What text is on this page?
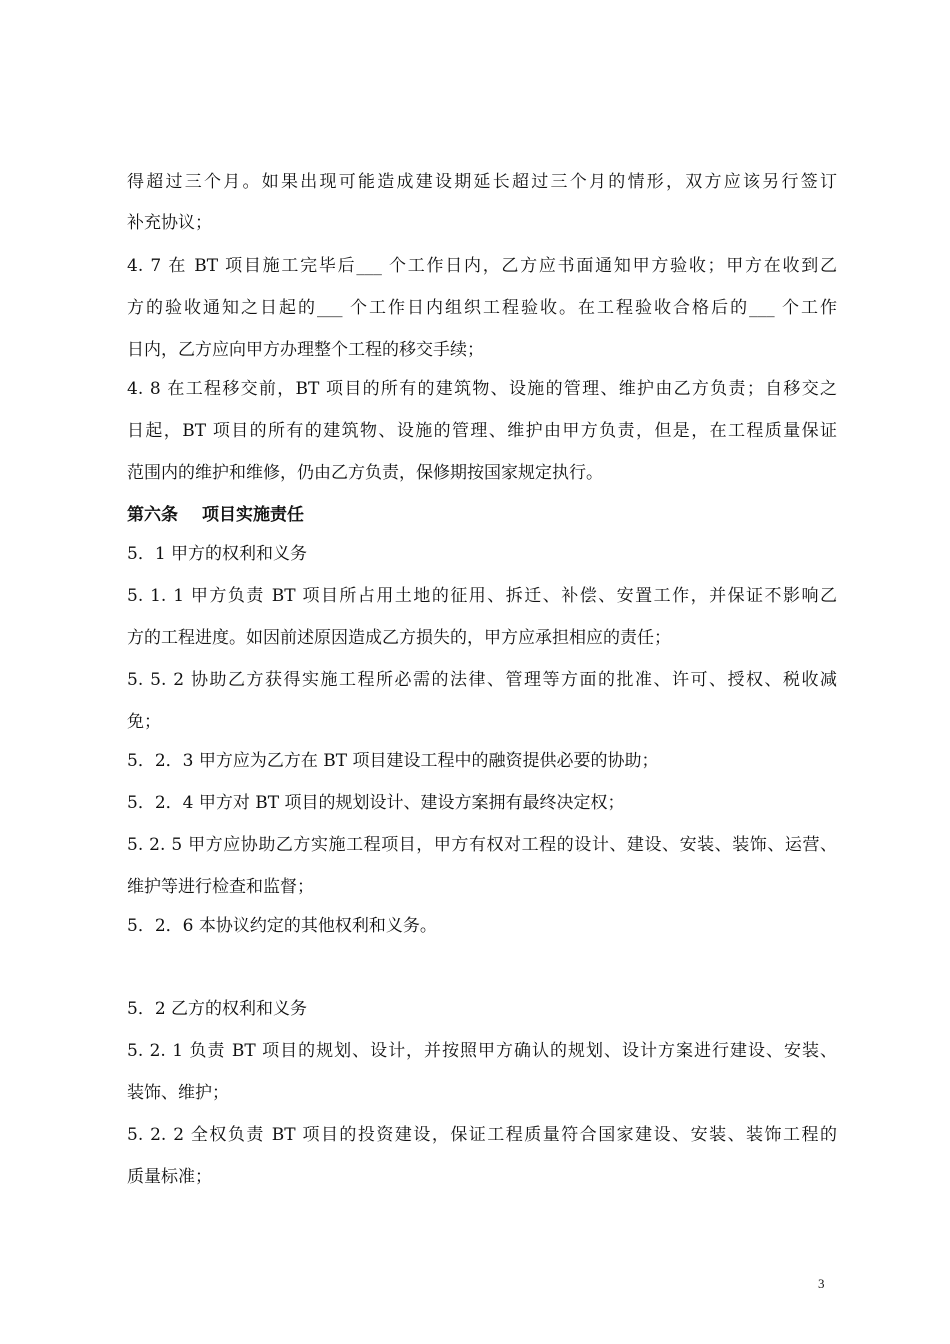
得超过三个月。如果出现可能造成建设期延长超过三个月的情形，双方应该另行签订
补充协议；
4. 7 在 BT 项目施工完毕后___ 个工作日内，乙方应书面通知甲方验收；甲方在收到乙
方的验收通知之日起的___ 个工作日内组织工程验收。在工程验收合格后的___ 个工作
日内，乙方应向甲方办理整个工程的移交手续；
4. 8 在工程移交前，BT 项目的所有的建筑物、设施的管理、维护由乙方负责；自移交之
日起，BT 项目的所有的建筑物、设施的管理、维护由甲方负责，但是，在工程质量保证
范围内的维护和维修，仍由乙方负责，保修期按国家规定执行。
第六条 项目实施责任
5．1 甲方的权利和义务
5. 1. 1 甲方负责 BT 项目所占用土地的征用、拆迁、补偿、安置工作，并保证不影响乙
方的工程进度。如因前述原因造成乙方损失的，甲方应承担相应的责任；
5. 5. 2 协助乙方获得实施工程所必需的法律、管理等方面的批准、许可、授权、税收减
免；
5．2．3 甲方应为乙方在 BT 项目建设工程中的融资提供必要的协助；
5．2．4 甲方对 BT 项目的规划设计、建设方案拥有最终决定权；
5. 2. 5 甲方应协助乙方实施工程项目，甲方有权对工程的设计、建设、安装、装饰、运营、
维护等进行检查和监督；
5．2．6 本协议约定的其他权利和义务。
5．2 乙方的权利和义务
5. 2. 1 负责 BT 项目的规划、设计，并按照甲方确认的规划、设计方案进行建设、安装、
装饰、维护；
5. 2. 2 全权负责 BT 项目的投资建设，保证工程质量符合国家建设、安装、装饰工程的
质量标准；
3
